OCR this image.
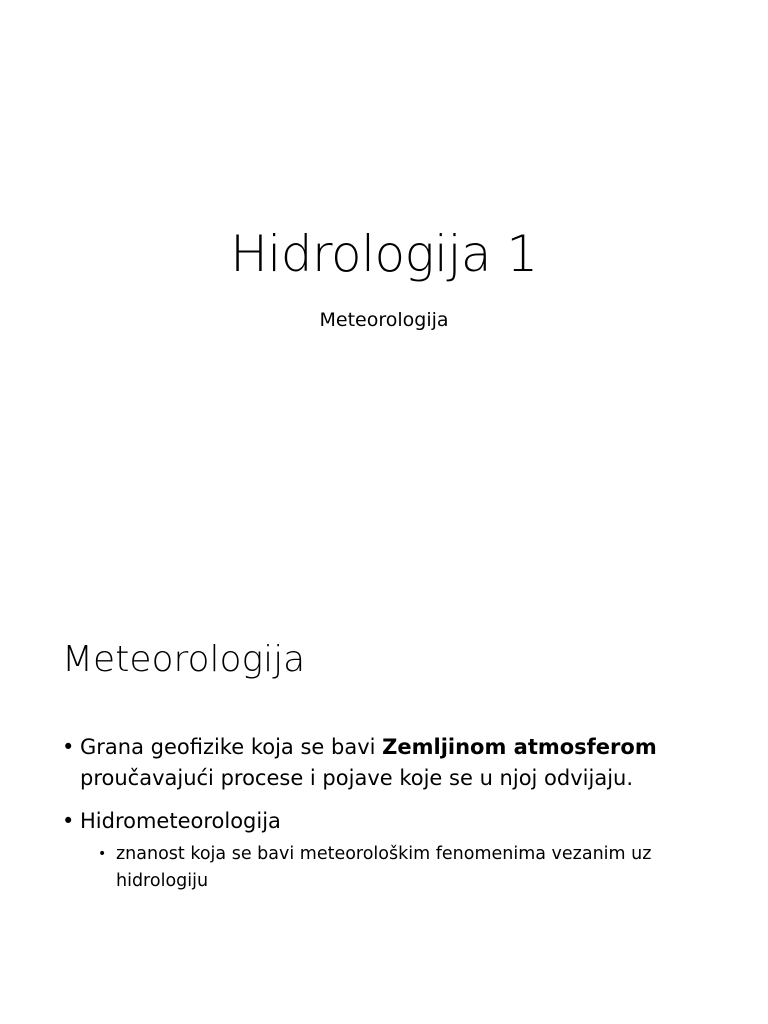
Hidrologija 1

Meteorologija

Meteorologija
• Grana geofizike koja se bavi Zemljinom atmosferom proučavajući procese i pojave koje se u njoj odvijaju.
• Hidrometeorologija
• znanost koja se bavi meteorološkim fenomenima vezanim uz hidrologiju
